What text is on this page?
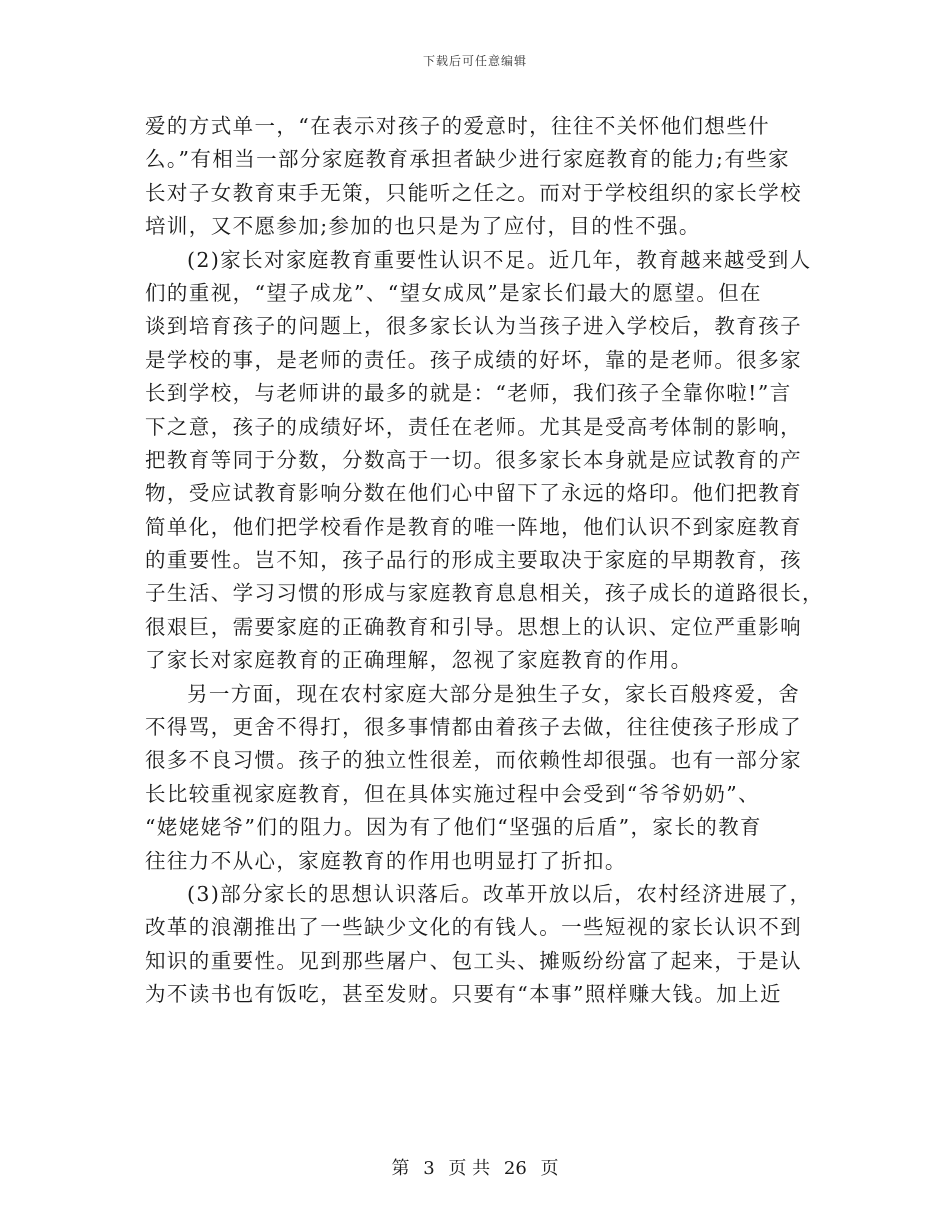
下载后可任意编辑
爱的方式单一，“在表示对孩子的爱意时，往往不关怀他们想些什
么。”有相当一部分家庭教育承担者缺少进行家庭教育的能力;有些家
长对子女教育束手无策，只能听之任之。而对于学校组织的家长学校
培训，又不愿参加;参加的也只是为了应付，目的性不强。
(2)家长对家庭教育重要性认识不足。近几年，教育越来越受到人
们的重视，“望子成龙”、“望女成凤”是家长们最大的愿望。但在
谈到培育孩子的问题上，很多家长认为当孩子进入学校后，教育孩子
是学校的事，是老师的责任。孩子成绩的好坏，靠的是老师。很多家
长到学校，与老师讲的最多的就是：“老师，我们孩子全靠你啦!”言
下之意，孩子的成绩好坏，责任在老师。尤其是受高考体制的影响，
把教育等同于分数，分数高于一切。很多家长本身就是应试教育的产
物，受应试教育影响分数在他们心中留下了永远的烙印。他们把教育
简单化，他们把学校看作是教育的唯一阵地，他们认识不到家庭教育
的重要性。岂不知，孩子品行的形成主要取决于家庭的早期教育，孩
子生活、学习习惯的形成与家庭教育息息相关，孩子成长的道路很长，
很艰巨，需要家庭的正确教育和引导。思想上的认识、定位严重影响
了家长对家庭教育的正确理解，忽视了家庭教育的作用。
另一方面，现在农村家庭大部分是独生子女，家长百般疼爱，舍
不得骂，更舍不得打，很多事情都由着孩子去做，往往使孩子形成了
很多不良习惯。孩子的独立性很差，而依赖性却很强。也有一部分家
长比较重视家庭教育，但在具体实施过程中会受到“爷爷奶奶”、
“姥姥姥爷”们的阻力。因为有了他们“坚强的后盾”，家长的教育
往往力不从心，家庭教育的作用也明显打了折扣。
(3)部分家长的思想认识落后。改革开放以后，农村经济进展了，
改革的浪潮推出了一些缺少文化的有钱人。一些短视的家长认识不到
知识的重要性。见到那些屠户、包工头、摊贩纷纷富了起来，于是认
为不读书也有饭吃，甚至发财。只要有“本事”照样赚大钱。加上近
第 3 页 共 26 页
